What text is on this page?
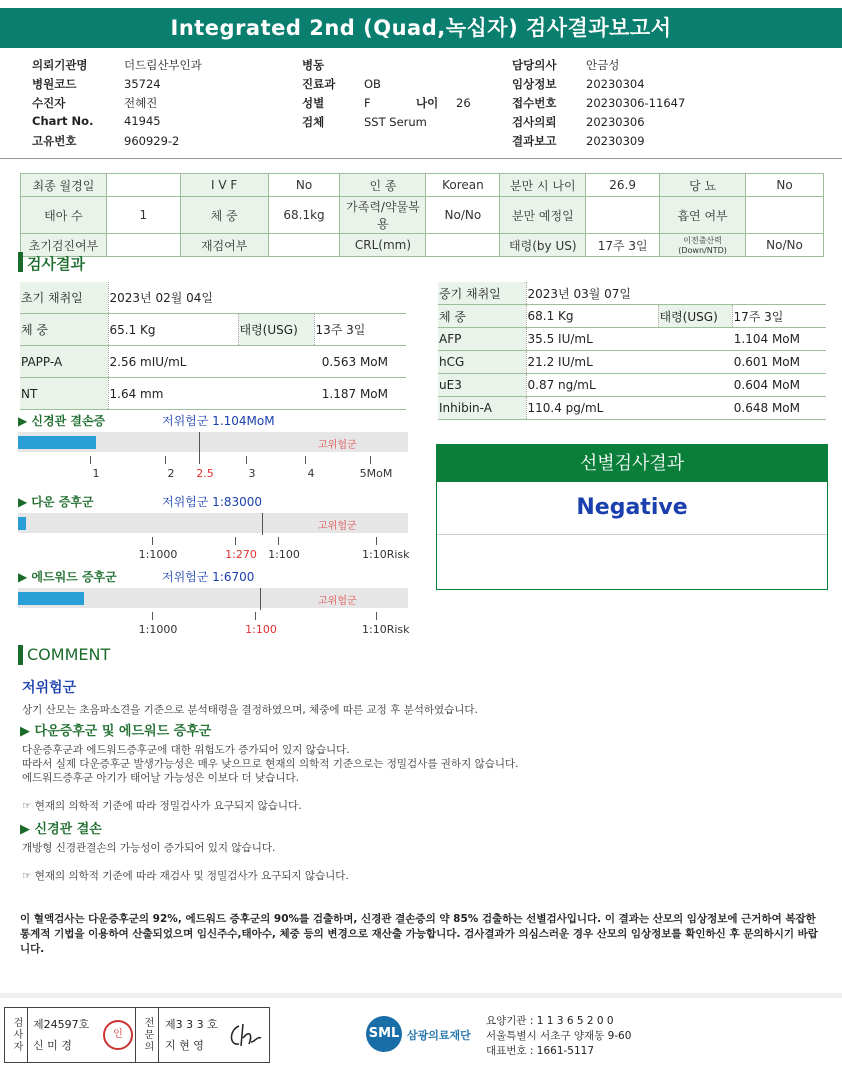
Integrated 2nd (Quad,녹십자) 검사결과보고서
의뢰기관명	더드림산부인과
병원코드	35724
수진자	전혜진
Chart No.	41945
고유번호	960929-2
병동
진료과 OB
성별	F	나이 26
검체	SST Serum
담당의사	안금성
임상정보	20230304
접수번호	20230306-11647
검사의뢰	20230306
결과보고	20230309
최종 월경일		I V F	No	인 종	Korean	분만 시 나이	26.9	당 뇨	No
태아 수	1	체 중	68.1kg	가족력/약물복용	No/No	분만 예정일		흡연 여부	
초기검진여부		재검여부		CRL(mm)		태령(by US)	17주 3일	이전출산력 (Down/NTD)	No/No
검사결과
초기 채취일	2023년 02월 04일		
체 중	65.1 Kg	태령(USG)	13주 3일
PAPP-A	2.56 mIU/mL	0.563 MoM	
NT	1.64 mm	1.187 MoM	
중기 채취일	2023년 03월 07일		
체 중	68.1 Kg	태령(USG)	17주 3일
AFP	35.5 IU/mL	1.104 MoM	
hCG	21.2 IU/mL	0.601 MoM	
uE3	0.87 ng/mL	0.604 MoM	
Inhibin-A	110.4 pg/mL	0.648 MoM	
▶ 신경관 결손증	저위험군 1.104MoM
고위험군
1	2	2.5	3	4	5MoM
▶ 다운 증후군	저위험군 1:83000
고위험군
1:1000	1:270	1:100	1:10Risk
▶ 에드워드 증후군	저위험군 1:6700
고위험군
1:1000	1:100	1:10Risk
선별검사결과
Negative
COMMENT
저위험군
상기 산모는 초음파소견을 기준으로 분석태령을 결정하였으며, 체중에 따른 교정 후 분석하였습니다.
▶ 다운증후군 및 에드워드 증후군
다운증후군과 에드워드증후군에 대한 위험도가 증가되어 있지 않습니다.
따라서 실제 다운증후군 발생가능성은 매우 낮으므로 현재의 의학적 기준으로는 정밀검사를 권하지 않습니다.
에드워드증후군 아기가 태어날 가능성은 이보다 더 낮습니다.
☞ 현재의 의학적 기준에 따라 정밀검사가 요구되지 않습니다.
▶ 신경관 결손
개방형 신경관결손의 가능성이 증가되어 있지 않습니다.
☞ 현재의 의학적 기준에 따라 재검사 및 정밀검사가 요구되지 않습니다.
이 혈액검사는 다운증후군의 92%, 에드워드 증후군의 90%를 검출하며, 신경관 결손증의 약 85% 검출하는 선별검사입니다. 이 결과는 산모의 임상정보에 근거하여 복잡한 통계적 기법을 이용하여 산출되었으며 임신주수,태아수, 체중 등의 변경으로 재산출 가능합니다. 검사결과가 의심스러운 경우 산모의 임상정보를 확인하신 후 문의하시기 바랍니다.
검사자	제24597호
신 미 경
인	전문의	제3 3 3 호
지 현 영
SML 삼광의료재단
요양기관 : 1 1 3 6 5 2 0 0
서울특별시 서초구 양재동 9-60
대표번호 : 1661-5117
